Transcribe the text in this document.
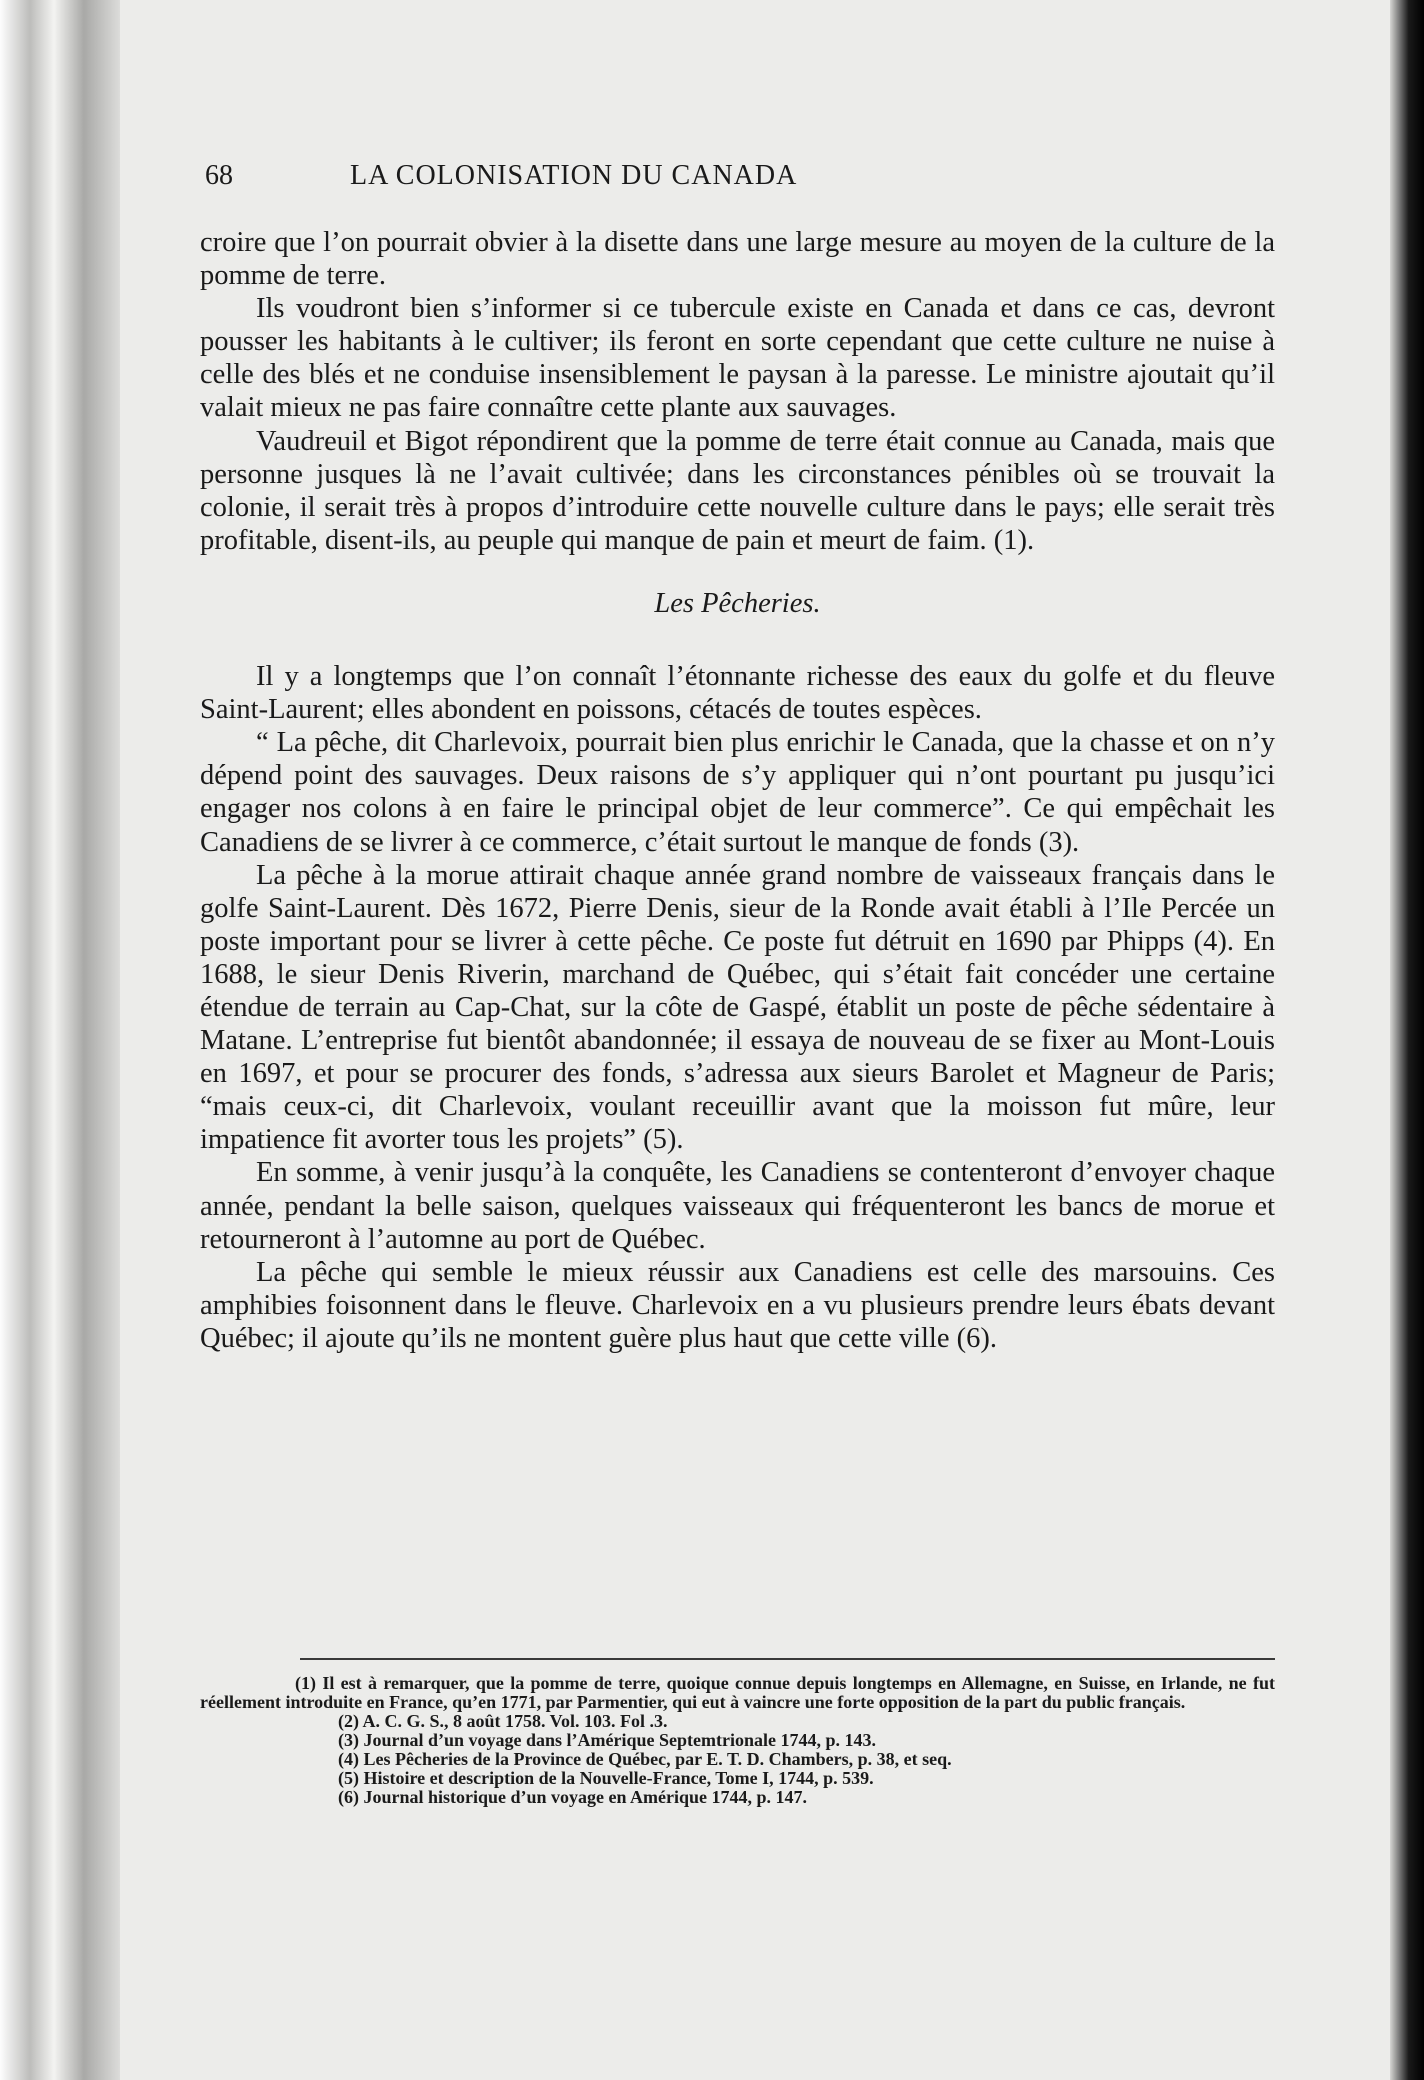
68	LA COLONISATION DU CANADA

croire que l’on pourrait obvier à la disette dans une large mesure au moyen de la culture de la pomme de terre.

Ils voudront bien s’informer si ce tubercule existe en Canada et dans ce cas, devront pousser les habitants à le cultiver; ils feront en sorte cependant que cette culture ne nuise à celle des blés et ne conduise insensiblement le paysan à la paresse. Le ministre ajoutait qu’il valait mieux ne pas faire connaître cette plante aux sauvages.

Vaudreuil et Bigot répondirent que la pomme de terre était connue au Canada, mais que personne jusques là ne l’avait cultivée; dans les circonstances pénibles où se trouvait la colonie, il serait très à propos d’introduire cette nouvelle culture dans le pays; elle serait très profitable, disent-ils, au peuple qui manque de pain et meurt de faim. (1).

Les Pêcheries.

Il y a longtemps que l’on connaît l’étonnante richesse des eaux du golfe et du fleuve Saint-Laurent; elles abondent en poissons, cétacés de toutes espèces.

“ La pêche, dit Charlevoix, pourrait bien plus enrichir le Canada, que la chasse et on n’y dépend point des sauvages. Deux raisons de s’y appliquer qui n’ont pourtant pu jusqu’ici engager nos colons à en faire le principal objet de leur commerce”. Ce qui empêchait les Canadiens de se livrer à ce commerce, c’était surtout le manque de fonds (3).

La pêche à la morue attirait chaque année grand nombre de vaisseaux français dans le golfe Saint-Laurent. Dès 1672, Pierre Denis, sieur de la Ronde avait établi à l’Ile Percée un poste important pour se livrer à cette pêche. Ce poste fut détruit en 1690 par Phipps (4). En 1688, le sieur Denis Riverin, marchand de Québec, qui s’était fait concéder une certaine étendue de terrain au Cap-Chat, sur la côte de Gaspé, établit un poste de pêche sédentaire à Matane. L’entreprise fut bientôt abandonnée; il essaya de nouveau de se fixer au Mont-Louis en 1697, et pour se procurer des fonds, s’adressa aux sieurs Barolet et Magneur de Paris; “mais ceux-ci, dit Charlevoix, voulant receuillir avant que la moisson fut mûre, leur impatience fit avorter tous les projets” (5).

En somme, à venir jusqu’à la conquête, les Canadiens se contenteront d’envoyer chaque année, pendant la belle saison, quelques vaisseaux qui fréquenteront les bancs de morue et retourneront à l’automne au port de Québec.

La pêche qui semble le mieux réussir aux Canadiens est celle des marsouins. Ces amphibies foisonnent dans le fleuve. Charlevoix en a vu plusieurs prendre leurs ébats devant Québec; il ajoute qu’ils ne montent guère plus haut que cette ville (6).

(1) Il est à remarquer, que la pomme de terre, quoique connue depuis longtemps en Allemagne, en Suisse, en Irlande, ne fut réellement introduite en France, qu’en 1771, par Parmentier, qui eut à vaincre une forte opposition de la part du public français.

(2) A. C. G. S., 8 août 1758. Vol. 103. Fol .3.

(3) Journal d’un voyage dans l’Amérique Septemtrionale 1744, p. 143.

(4) Les Pêcheries de la Province de Québec, par E. T. D. Chambers, p. 38, et seq.

(5) Histoire et description de la Nouvelle-France, Tome I, 1744, p. 539.

(6) Journal historique d’un voyage en Amérique 1744, p. 147.
